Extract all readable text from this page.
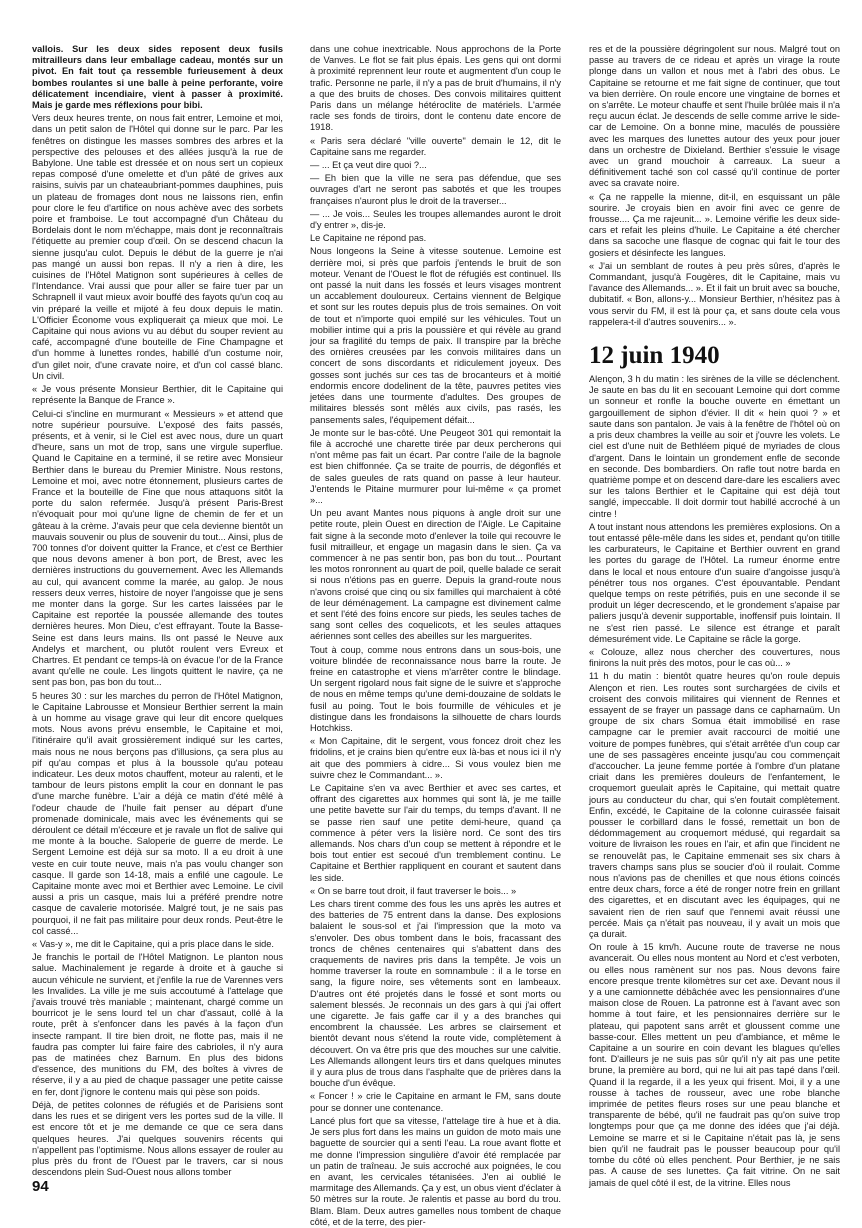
vallois. Sur les deux sides reposent deux fusils mitrailleurs dans leur emballage cadeau, montés sur un pivot. En fait tout ça ressemble furieusement à deux bombes roulantes si une balle à peine perforante, voire délicatement incendiaire, vient à passer à proximité. Mais je garde mes réflexions pour bibi.

Vers deux heures trente, on nous fait entrer, Lemoine et moi, dans un petit salon de l'Hôtel qui donne sur le parc. Par les fenêtres on distingue les masses sombres des arbres et la perspective des pelouses et des allées jusqu'à la rue de Babylone. Une table est dressée et on nous sert un copieux repas composé d'une omelette et d'un pâté de grives aux raisins, suivis par un chateaubriant-pommes dauphines, puis un plateau de fromages dont nous ne laissons rien, enfin pour clore le feu d'artifice on nous achève avec des sorbets poire et framboise. Le tout accompagné d'un Château du Bordelais dont le nom m'échappe, mais dont je reconnaîtrais l'étiquette au premier coup d'œil. On se descend chacun la sienne jusqu'au culot. Depuis le début de la guerre je n'ai pas mangé un aussi bon repas. Il n'y a rien à dire, les cuisines de l'Hôtel Matignon sont supérieures à celles de l'Intendance. Vrai aussi que pour aller se faire tuer par un Schrapnell il vaut mieux avoir bouffé des fayots qu'un coq au vin préparé la veille et mijoté à feu doux depuis le matin. L'Officier Économe vous expliquerait ça mieux que moi. Le Capitaine qui nous avions vu au début du souper revient au café, accompagné d'une bouteille de Fine Champagne et d'un homme à lunettes rondes, habillé d'un costume noir, d'un gilet noir, d'une cravate noire, et d'un col cassé blanc. Un civil.

« Je vous présente Monsieur Berthier, dit le Capitaine qui représente la Banque de France ».

Celui-ci s'incline en murmurant « Messieurs » et attend que notre supérieur poursuive. L'exposé des faits passés, présents, et à venir, si le Ciel est avec nous, dure un quart d'heure, sans un mot de trop, sans une virgule superflue. Quand le Capitaine en a terminé, il se retire avec Monsieur Berthier dans le bureau du Premier Ministre. Nous restons, Lemoine et moi, avec notre étonnement, plusieurs cartes de France et la bouteille de Fine que nous attaquons sitôt la porte du salon refermée. Jusqu'à présent Paris-Brest n'évoquait pour moi qu'une ligne de chemin de fer et un gâteau à la crème. J'avais peur que cela devienne bientôt un mauvais souvenir ou plus de souvenir du tout... Ainsi, plus de 700 tonnes d'or doivent quitter la France, et c'est ce Berthier que nous devons amener à bon port, de Brest, avec les dernières instructions du gouvernement. Avec les Allemands au cul, qui avancent comme la marée, au galop. Je nous ressers deux verres, histoire de noyer l'angoisse que je sens me monter dans la gorge. Sur les cartes laissées par le Capitaine est reportée la poussée allemande des toutes dernières heures. Mon Dieu, c'est effrayant. Toute la Basse-Seine est dans leurs mains. Ils ont passé le Neuve aux Andelys et marchent, ou plutôt roulent vers Evreux et Chartres. Et pendant ce temps-là on évacue l'or de la France avant qu'elle ne coule. Les lingots quittent le navire, ça ne sent pas bon, pas bon du tout...

5 heures 30 : sur les marches du perron de l'Hôtel Matignon, le Capitaine Labrousse et Monsieur Berthier serrent la main à un homme au visage grave qui leur dit encore quelques mots. Nous avons prévu ensemble, le Capitaine et moi, l'itinéraire qu'il avait grossièrement indiqué sur les cartes, mais nous ne nous berçons pas d'illusions, ça sera plus au pif qu'au compas et plus à la boussole qu'au poteau indicateur. Les deux motos chauffent, moteur au ralenti, et le tambour de leurs pistons emplit la cour en donnant le pas d'une marche funèbre. L'air a déjà ce matin d'été mêlé à l'odeur chaude de l'huile fait penser au départ d'une promenade dominicale, mais avec les événements qui se déroulent ce détail m'écœure et je ravale un flot de salive qui me monte à la bouche. Saloperie de guerre de merde. Le Sergent Lemoine est déjà sur sa moto. Il a eu droit à une veste en cuir toute neuve, mais n'a pas voulu changer son casque. Il garde son 14-18, mais a enfilé une cagoule. Le Capitaine monte avec moi et Berthier avec Lemoine. Le civil aussi a pris un casque, mais lui a préféré prendre notre casque de cavalerie motorisée. Malgré tout, je ne sais pas pourquoi, il ne fait pas militaire pour deux ronds. Peut-être le col cassé...

« Vas-y », me dit le Capitaine, qui a pris place dans le side.

Je franchis le portail de l'Hôtel Matignon. Le planton nous salue. Machinalement je regarde à droite et à gauche si aucun véhicule ne survient, et j'enfile la rue de Varennes vers les Invalides. La ville je me suis accoutumé à l'attelage que j'avais trouvé très maniable ; maintenant, chargé comme un bourricot je le sens lourd tel un char d'assaut, collé à la route, prêt à s'enfoncer dans les pavés à la façon d'un insecte rampant. Il tire bien droit, ne flotte pas, mais il ne faudra pas compter lui faire faire des cabrioles, il n'y aura pas de matinées chez Barnum. En plus des bidons d'essence, des munitions du FM, des boîtes à vivres de réserve, il y a au pied de chaque passager une petite caisse en fer, dont j'ignore le contenu mais qui pèse son poids.

Déjà, de petites colonnes de réfugiés et de Parisiens sont dans les rues et se dirigent vers les portes sud de la ville. Il est encore tôt et je me demande ce que ce sera dans quelques heures. J'ai quelques souvenirs récents qui n'appellent pas l'optimisme. Nous allons essayer de rouler au plus près du front de l'Ouest par le travers, car si nous descendons plein Sud-Ouest nous allons tomber

dans une cohue inextricable. Nous approchons de la Porte de Vanves. Le flot se fait plus épais. Les gens qui ont dormi à proximité reprennent leur route et augmentent d'un coup le trafic. Personne ne parle, il n'y a pas de bruit d'humains, il n'y a que des bruits de choses. Des convois militaires quittent Paris dans un mélange hétéroclite de matériels. L'armée racle ses fonds de tiroirs, dont le contenu date encore de 1918.

« Paris sera déclaré "ville ouverte" demain le 12, dit le Capitaine sans me regarder.

— ... Et ça veut dire quoi ?...

— Eh bien que la ville ne sera pas défendue, que ses ouvrages d'art ne seront pas sabotés et que les troupes françaises n'auront plus le droit de la traverser...

— ... Je vois... Seules les troupes allemandes auront le droit d'y entrer », dis-je.

Le Capitaine ne répond pas.

Nous longeons la Seine à vitesse soutenue. Lemoine est derrière moi, si près que parfois j'entends le bruit de son moteur. Venant de l'Ouest le flot de réfugiés est continuel. Ils ont passé la nuit dans les fossés et leurs visages montrent un accablement douloureux. Certains viennent de Belgique et sont sur les routes depuis plus de trois semaines. On voit de tout et n'importe quoi empilé sur les véhicules. Tout un mobilier intime qui a pris la poussière et qui révèle au grand jour sa fragilité du temps de paix. Il transpire par la brèche des ornières creusées par les convois militaires dans un concert de sons discordants et ridiculement joyeux. Des gosses sont juchés sur ces tas de brocanteurs et à moitié endormis encore dodelinent de la tête, pauvres petites vies jetées dans une tourmente d'adultes. Des groupes de militaires blessés sont mêlés aux civils, pas rasés, les pansements sales, l'équipement défait...

Je monte sur le bas-côté. Une Peugeot 301 qui remontait la file à accroché une charette tirée par deux percherons qui n'ont même pas fait un écart. Par contre l'aile de la bagnole est bien chiffonnée. Ça se traite de pourris, de dégonflés et de sales gueules de rats quand on passe à leur hauteur. J'entends le Pitaine murmurer pour lui-même « ça promet »...

Un peu avant Mantes nous piquons à angle droit sur une petite route, plein Ouest en direction de l'Aigle. Le Capitaine fait signe à la seconde moto d'enlever la toile qui recouvre le fusil mitrailleur, et engage un magasin dans le sien. Ça va commencer à ne pas sentir bon, pas bon du tout... Pourtant les motos ronronnent au quart de poil, quelle balade ce serait si nous n'étions pas en guerre. Depuis la grand-route nous n'avons croisé que cinq ou six familles qui marchaient à côté de leur déménagement. La campagne est divinement calme et sent l'été des foins encore sur pieds, les seules taches de sang sont celles des coquelicots, et les seules attaques aériennes sont celles des abeilles sur les marguerites.

Tout à coup, comme nous entrons dans un sous-bois, une voiture blindée de reconnaissance nous barre la route. Je freine en catastrophe et viens m'arrêter contre le blindage. Un sergent rigolard nous fait signe de le suivre et s'approche de nous en même temps qu'une demi-douzaine de soldats le fusil au poing. Tout le bois fourmille de véhicules et je distingue dans les frondaisons la silhouette de chars lourds Hotchkiss.

« Mon Capitaine, dit le sergent, vous foncez droit chez les fridolins, et je crains bien qu'entre eux là-bas et nous ici il n'y ait que des pommiers à cidre... Si vous voulez bien me suivre chez le Commandant... ».

Le Capitaine s'en va avec Berthier et avec ses cartes, et offrant des cigarettes aux hommes qui sont là, je me taille une petite bavette sur l'air du temps, du temps d'avant. Il ne se passe rien sauf une petite demi-heure, quand ça commence à péter vers la lisière nord. Ce sont des tirs allemands. Nos chars d'un coup se mettent à répondre et le bois tout entier est secoué d'un tremblement continu. Le Capitaine et Berthier rappliquent en courant et sautent dans les side.

« On se barre tout droit, il faut traverser le bois... »

Les chars tirent comme des fous les uns après les autres et des batteries de 75 entrent dans la danse. Des explosions balaient le sous-sol et j'ai l'impression que la moto va s'envoler. Des obus tombent dans le bois, fracassant des troncs de chênes centenaires qui s'abattent dans des craquements de navires pris dans la tempête. Je vois un homme traverser la route en somnambule : il a le torse en sang, la figure noire, ses vêtements sont en lambeaux. D'autres ont été projetés dans le fossé et sont morts ou salement blessés. Je reconnais un des gars à qui j'ai offert une cigarette. Je fais gaffe car il y a des branches qui encombrent la chaussée. Les arbres se clairsement et bientôt devant nous s'étend la route vide, complètement à découvert. On va être pris que des mouches sur une calvitie. Les Allemands allongent leurs tirs et dans quelques minutes il y aura plus de trous dans l'asphalte que de prières dans la bouche d'un évêque.

« Foncer ! » crie le Capitaine en armant le FM, sans doute pour se donner une contenance.

Lancé plus fort que sa vitesse, l'attelage tire à hue et à dia. Je sers plus fort dans les mains un guidon de moto mais une baguette de sourcier qui a senti l'eau. La roue avant flotte et me donne l'impression singulière d'avoir été remplacée par un patin de traîneau. Je suis accroché aux poignées, le cou en avant, les cervicales tétanisées. J'en ai oublié le marmitage des Allemands. Ça y est, un obus vient d'éclater à 50 mètres sur la route. Je ralentis et passe au bord du trou. Blam. Blam. Deux autres gamelles nous tombent de chaque côté, et de la terre, des pier-

res et de la poussière dégringolent sur nous. Malgré tout on passe au travers de ce rideau et après un virage la route plonge dans un vallon et nous met à l'abri des obus. Le Capitaine se retourne et me fait signe de continuer, que tout va bien derrière. On roule encore une vingtaine de bornes et on s'arrête. Le moteur chauffe et sent l'huile brûlée mais il n'a reçu aucun éclat. Je descends de selle comme arrive le side-car de Lemoine. On a bonne mine, maculés de poussière avec les marques des lunettes autour des yeux pour jouer dans un orchestre de Dixieland. Berthier s'essuie le visage avec un grand mouchoir à carreaux. La sueur a définitivement taché son col cassé qu'il continue de porter avec sa cravate noire.

« Ça ne rappelle la mienne, dit-il, en esquissant un pâle sourire. Je croyais bien en avoir fini avec ce genre de frousse.... Ça me rajeunit... ». Lemoine vérifie les deux side-cars et refait les pleins d'huile. Le Capitaine a été chercher dans sa sacoche une flasque de cognac qui fait le tour des gosiers et désinfecte les langues.

« J'ai un semblant de routes à peu près sûres, d'après le Commandant, jusqu'à Fougères, dit le Capitaine, mais vu l'avance des Allemands... ». Et il fait un bruit avec sa bouche, dubitatif. « Bon, allons-y... Monsieur Berthier, n'hésitez pas à vous servir du FM, il est là pour ça, et sans doute cela vous rappelera-t-il d'autres souvenirs... ».

12 juin 1940

Alençon, 3 h du matin : les sirènes de la ville se déclenchent. Je saute en bas du lit en secouant Lemoine qui dort comme un sonneur et ronfle la bouche ouverte en émettant un gargouillement de siphon d'évier. Il dit « hein quoi ? » et saute dans son pantalon. Je vais à la fenêtre de l'hôtel où on a pris deux chambres la veille au soir et j'ouvre les volets. Le ciel est d'une nuit de Bethléem piqué de myriades de clous d'argent. Dans le lointain un grondement enfle de seconde en seconde. Des bombardiers. On rafle tout notre barda en quatrième pompe et on descend dare-dare les escaliers avec sur les talons Berthier et le Capitaine qui est déjà tout sanglé, impeccable. Il doit dormir tout habillé accroché à un cintre !

A tout instant nous attendons les premières explosions. On a tout entassé pêle-mêle dans les sides et, pendant qu'on titille les carburateurs, le Capitaine et Berthier ouvrent en grand les portes du garage de l'Hôtel. La rumeur énorme entre dans le local et nous entoure d'un suaire d'angoisse jusqu'à pénétrer tous nos organes. C'est épouvantable. Pendant quelque temps on reste pétrifiés, puis en une seconde il se produit un léger decrescendo, et le grondement s'apaise par paliers jusqu'à devenir supportable, inoffensif puis lointain. Il ne s'est rien passé. Le silence est étrange et paraît démesurément vide. Le Capitaine se râcle la gorge.

« Colouze, allez nous chercher des couvertures, nous finirons la nuit près des motos, pour le cas où... »

11 h du matin : bientôt quatre heures qu'on roule depuis Alençon et rien. Les routes sont surchargées de civils et croisent des convois militaires qui viennent de Rennes et essayent de se frayer un passage dans ce capharnaüm. Un groupe de six chars Somua était immobilisé en rase campagne car le premier avait raccourci de moitié une voiture de pompes funèbres, qui s'était arrêtée d'un coup car une de ses passagères enceinte jusqu'au cou commençait d'accoucher. La jeune femme portée à l'ombre d'un platane criait dans les premières douleurs de l'enfantement, le croquemort gueulait après le Capitaine, qui mettait quatre jours au conducteur du char, qui s'en foutait complètement. Enfin, excédé, le Capitaine de la colonne cuirassée faisait pousser le corbillard dans le fossé, remettait un bon de dédommagement au croquemort médusé, qui regardait sa voiture de livraison les roues en l'air, et afin que l'incident ne se renouvelât pas, le Capitaine emmenait ses six chars à travers champs sans plus se soucier d'où il roulait. Comme nous n'avions pas de chenilles et que nous étions coincés entre deux chars, force a été de ronger notre frein en grillant des cigarettes, et en discutant avec les équipages, qui ne savaient rien de rien sauf que l'ennemi avait réussi une percée. Mais ça n'était pas nouveau, il y avait un mois que ça durait.

On roule à 15 km/h. Aucune route de traverse ne nous avancerait. Ou elles nous montent au Nord et c'est verboten, ou elles nous ramènent sur nos pas. Nous devons faire encore presque trente kilomètres sur cet axe. Devant nous il y a une camionnette débâchée avec les pensionnaires d'une maison close de Rouen. La patronne est à l'avant avec son homme à tout faire, et les pensionnaires derrière sur le plateau, qui papotent sans arrêt et gloussent comme une basse-cour. Elles mettent un peu d'ambiance, et même le Capitaine a un sourire en coin devant les blagues qu'elles font. D'ailleurs je ne suis pas sûr qu'il n'y ait pas une petite brune, la première au bord, qui ne lui ait pas tapé dans l'œil. Quand il la regarde, il a les yeux qui frisent. Moi, il y a une rousse à taches de rousseur, avec une robe blanche imprimée de petites fleurs roses sur une peau blanche et transparente de bébé, qu'il ne faudrait pas qu'on suive trop longtemps pour que ça me donne des idées que j'ai déjà. Lemoine se marre et si le Capitaine n'était pas là, je sens bien qu'il ne faudrait pas le pousser beaucoup pour qu'il tombe du côté où elles penchent. Pour Berthier, je ne sais pas. A cause de ses lunettes. Ça fait vitrine. On ne sait jamais de quel côté il est, de la vitrine. Elles nous

94
